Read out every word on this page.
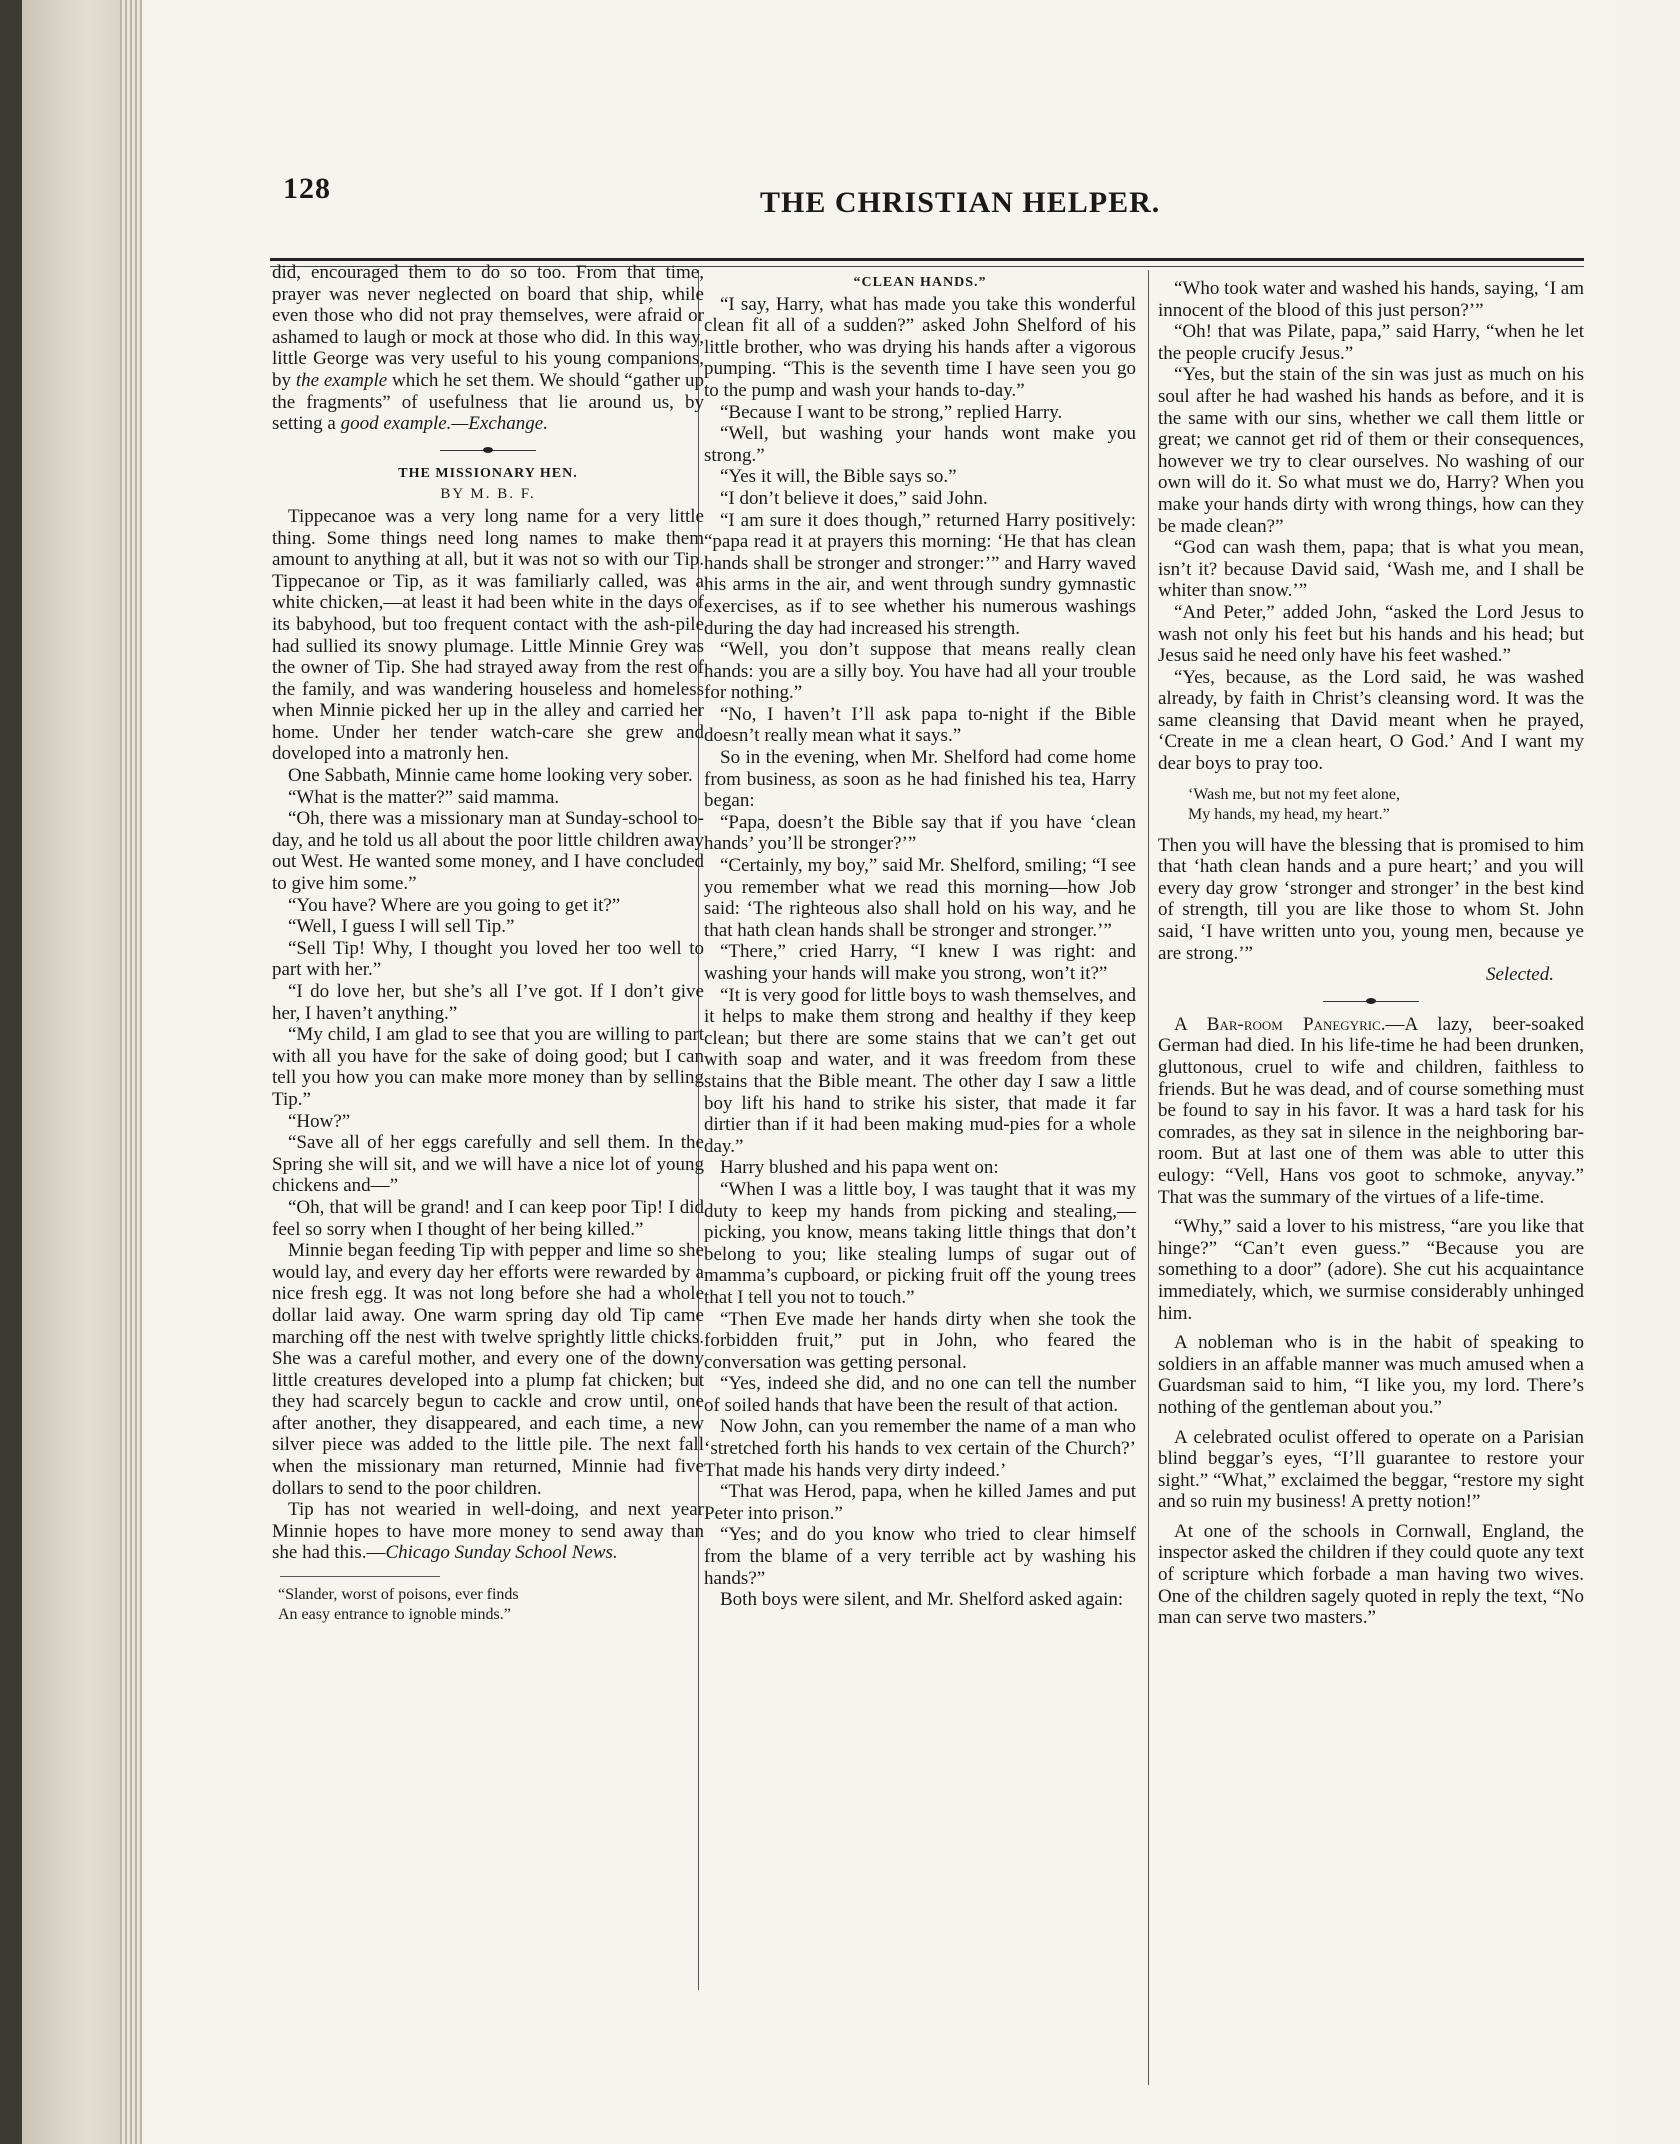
128	THE CHRISTIAN HELPER.

did, encouraged them to do so too. From that time, prayer was never neglected on board that ship, while even those who did not pray themselves, were afraid or ashamed to laugh or mock at those who did. In this way, little George was very useful to his young companions, by the example which he set them. We should “gather up the fragments” of usefulness that lie around us, by setting a good example.—Exchange.

THE MISSIONARY HEN.

BY M. B. F.

Tippecanoe was a very long name for a very little thing. Some things need long names to make them amount to anything at all, but it was not so with our Tip. Tippecanoe or Tip, as it was familiarly called, was a white chicken,—at least it had been white in the days of its babyhood, but too frequent contact with the ash-pile had sullied its snowy plumage. Little Minnie Grey was the owner of Tip. She had strayed away from the rest of the family, and was wandering houseless and homeless when Minnie picked her up in the alley and carried her home. Under her tender watch-care she grew and doveloped into a matronly hen.

One Sabbath, Minnie came home looking very sober.

“What is the matter?” said mamma.

“Oh, there was a missionary man at Sunday-school to-day, and he told us all about the poor little children away out West. He wanted some money, and I have concluded to give him some.”

“You have? Where are you going to get it?”

“Well, I guess I will sell Tip.”

“Sell Tip! Why, I thought you loved her too well to part with her.”

“I do love her, but she’s all I’ve got. If I don’t give her, I haven’t anything.”

“My child, I am glad to see that you are willing to part with all you have for the sake of doing good; but I can tell you how you can make more money than by selling Tip.”

“How?”

“Save all of her eggs carefully and sell them. In the Spring she will sit, and we will have a nice lot of young chickens and—”

“Oh, that will be grand! and I can keep poor Tip! I did feel so sorry when I thought of her being killed.”

Minnie began feeding Tip with pepper and lime so she would lay, and every day her efforts were rewarded by a nice fresh egg. It was not long before she had a whole dollar laid away. One warm spring day old Tip came marching off the nest with twelve sprightly little chicks. She was a careful mother, and every one of the downy little creatures developed into a plump fat chicken; but they had scarcely begun to cackle and crow until, one after another, they disappeared, and each time, a new silver piece was added to the little pile. The next fall when the missionary man returned, Minnie had five dollars to send to the poor children.

Tip has not wearied in well-doing, and next year Minnie hopes to have more money to send away than she had this.—Chicago Sunday School News.

“Slander, worst of poisons, ever finds
An easy entrance to ignoble minds.”

“CLEAN HANDS.”

“I say, Harry, what has made you take this wonderful clean fit all of a sudden?” asked John Shelford of his little brother, who was drying his hands after a vigorous pumping. “This is the seventh time I have seen you go to the pump and wash your hands to-day.”

“Because I want to be strong,” replied Harry.

“Well, but washing your hands wont make you strong.”

“Yes it will, the Bible says so.”

“I don’t believe it does,” said John.

“I am sure it does though,” returned Harry positively: “papa read it at prayers this morning: ‘He that has clean hands shall be stronger and stronger:’” and Harry waved his arms in the air, and went through sundry gymnastic exercises, as if to see whether his numerous washings during the day had increased his strength.

“Well, you don’t suppose that means really clean hands: you are a silly boy. You have had all your trouble for nothing.”

“No, I haven’t I’ll ask papa to-night if the Bible doesn’t really mean what it says.”

So in the evening, when Mr. Shelford had come home from business, as soon as he had finished his tea, Harry began:

“Papa, doesn’t the Bible say that if you have ‘clean hands’ you’ll be stronger?’”

“Certainly, my boy,” said Mr. Shelford, smiling; “I see you remember what we read this morning—how Job said: ‘The righteous also shall hold on his way, and he that hath clean hands shall be stronger and stronger.’”

“There,” cried Harry, “I knew I was right: and washing your hands will make you strong, won’t it?”

“It is very good for little boys to wash themselves, and it helps to make them strong and healthy if they keep clean; but there are some stains that we can’t get out with soap and water, and it was freedom from these stains that the Bible meant. The other day I saw a little boy lift his hand to strike his sister, that made it far dirtier than if it had been making mud-pies for a whole day.”

Harry blushed and his papa went on:

“When I was a little boy, I was taught that it was my duty to keep my hands from picking and stealing,—picking, you know, means taking little things that don’t belong to you; like stealing lumps of sugar out of mamma’s cupboard, or picking fruit off the young trees that I tell you not to touch.”

“Then Eve made her hands dirty when she took the forbidden fruit,” put in John, who feared the conversation was getting personal.

“Yes, indeed she did, and no one can tell the number of soiled hands that have been the result of that action.

Now John, can you remember the name of a man who ‘stretched forth his hands to vex certain of the Church?’ That made his hands very dirty indeed.’

“That was Herod, papa, when he killed James and put Peter into prison.”

“Yes; and do you know who tried to clear himself from the blame of a very terrible act by washing his hands?”

Both boys were silent, and Mr. Shelford asked again:

“Who took water and washed his hands, saying, ‘I am innocent of the blood of this just person?’”

“Oh! that was Pilate, papa,” said Harry, “when he let the people crucify Jesus.”

“Yes, but the stain of the sin was just as much on his soul after he had washed his hands as before, and it is the same with our sins, whether we call them little or great; we cannot get rid of them or their consequences, however we try to clear ourselves. No washing of our own will do it. So what must we do, Harry? When you make your hands dirty with wrong things, how can they be made clean?”

“God can wash them, papa; that is what you mean, isn’t it? because David said, ‘Wash me, and I shall be whiter than snow.’”

“And Peter,” added John, “asked the Lord Jesus to wash not only his feet but his hands and his head; but Jesus said he need only have his feet washed.”

“Yes, because, as the Lord said, he was washed already, by faith in Christ’s cleansing word. It was the same cleansing that David meant when he prayed, ‘Create in me a clean heart, O God.’ And I want my dear boys to pray too.

‘Wash me, but not my feet alone,
My hands, my head, my heart.”

Then you will have the blessing that is promised to him that ‘hath clean hands and a pure heart;’ and you will every day grow ‘stronger and stronger’ in the best kind of strength, till you are like those to whom St. John said, ‘I have written unto you, young men, because ye are strong.’”

Selected.

A Bar-room Panegyric.—A lazy, beer-soaked German had died. In his life-time he had been drunken, gluttonous, cruel to wife and children, faithless to friends. But he was dead, and of course something must be found to say in his favor. It was a hard task for his comrades, as they sat in silence in the neighboring bar-room. But at last one of them was able to utter this eulogy: “Vell, Hans vos goot to schmoke, anyvay.” That was the summary of the virtues of a life-time.

“Why,” said a lover to his mistress, “are you like that hinge?” “Can’t even guess.” “Because you are something to a door” (adore). She cut his acquaintance immediately, which, we surmise considerably unhinged him.

A nobleman who is in the habit of speaking to soldiers in an affable manner was much amused when a Guardsman said to him, “I like you, my lord. There’s nothing of the gentleman about you.”

A celebrated oculist offered to operate on a Parisian blind beggar’s eyes, “I’ll guarantee to restore your sight.” “What,” exclaimed the beggar, “restore my sight and so ruin my business! A pretty notion!”

At one of the schools in Cornwall, England, the inspector asked the children if they could quote any text of scripture which forbade a man having two wives. One of the children sagely quoted in reply the text, “No man can serve two masters.”
